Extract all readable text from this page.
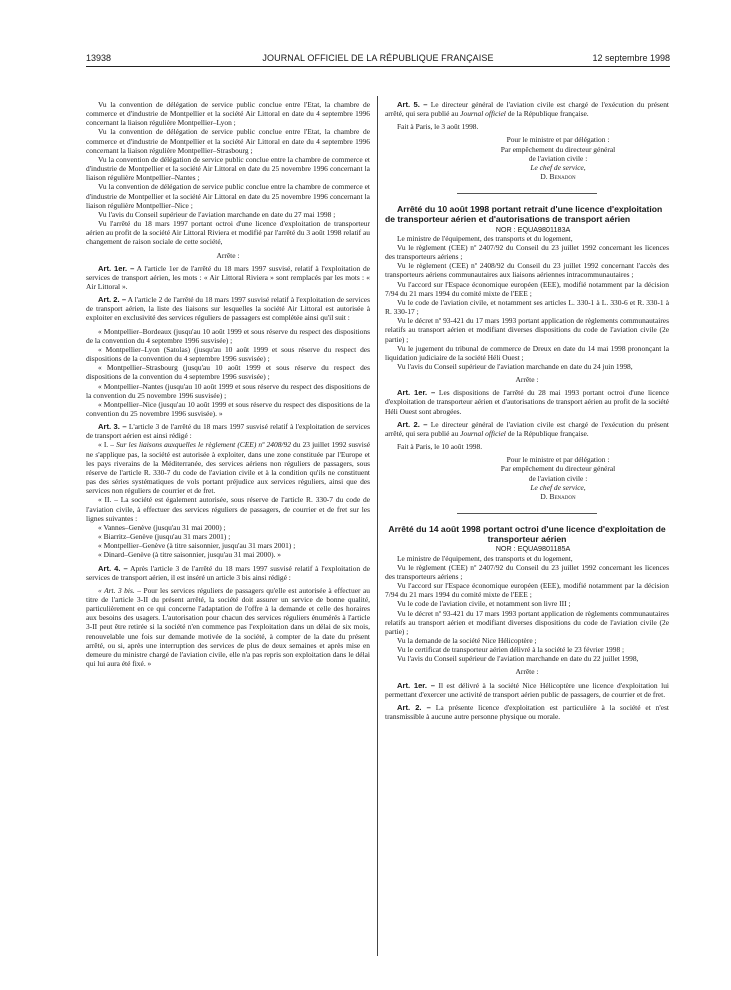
13938	JOURNAL OFFICIEL DE LA RÉPUBLIQUE FRANÇAISE	12 septembre 1998

Vu la convention de délégation de service public conclue entre l'Etat, la chambre de commerce et d'industrie de Montpellier et la société Air Littoral en date du 4 septembre 1996 concernant la liaison régulière Montpellier–Lyon ;

Vu la convention de délégation de service public conclue entre l'Etat, la chambre de commerce et d'industrie de Montpellier et la société Air Littoral en date du 4 septembre 1996 concernant la liaison régulière Montpellier–Strasbourg ;

Vu la convention de délégation de service public conclue entre la chambre de commerce et d'industrie de Montpellier et la société Air Littoral en date du 25 novembre 1996 concernant la liaison régulière Montpellier–Nantes ;

Vu la convention de délégation de service public conclue entre la chambre de commerce et d'industrie de Montpellier et la société Air Littoral en date du 25 novembre 1996 concernant la liaison régulière Montpellier–Nice ;

Vu l'avis du Conseil supérieur de l'aviation marchande en date du 27 mai 1998 ;

Vu l'arrêté du 18 mars 1997 portant octroi d'une licence d'exploitation de transporteur aérien au profit de la société Air Littoral Riviera et modifié par l'arrêté du 3 août 1998 relatif au changement de raison sociale de cette société,

Arrête :

Art. 1er. – A l'article 1er de l'arrêté du 18 mars 1997 susvisé, relatif à l'exploitation de services de transport aérien, les mots : « Air Littoral Riviera » sont remplacés par les mots : « Air Littoral ».

Art. 2. – A l'article 2 de l'arrêté du 18 mars 1997 susvisé relatif à l'exploitation de services de transport aérien, la liste des liaisons sur lesquelles la société Air Littoral est autorisée à exploiter en exclusivité des services réguliers de passagers est complétée ainsi qu'il suit :

« Montpellier–Bordeaux (jusqu'au 10 août 1999 et sous réserve du respect des dispositions de la convention du 4 septembre 1996 susvisée) ;

« Montpellier–Lyon (Satolas) (jusqu'au 10 août 1999 et sous réserve du respect des dispositions de la convention du 4 septembre 1996 susvisée) ;

« Montpellier–Strasbourg (jusqu'au 10 août 1999 et sous réserve du respect des dispositions de la convention du 4 septembre 1996 susvisée) ;

« Montpellier–Nantes (jusqu'au 10 août 1999 et sous réserve du respect des dispositions de la convention du 25 novembre 1996 susvisée) ;

« Montpellier–Nice (jusqu'au 10 août 1999 et sous réserve du respect des dispositions de la convention du 25 novembre 1996 susvisée). »

Art. 3. – L'article 3 de l'arrêté du 18 mars 1997 susvisé relatif à l'exploitation de services de transport aérien est ainsi rédigé :

« I. – Sur les liaisons auxquelles le règlement (CEE) nº 2408/92 du 23 juillet 1992 susvisé ne s'applique pas, la société est autorisée à exploiter, dans une zone constituée par l'Europe et les pays riverains de la Méditerranée, des services aériens non réguliers de passagers, sous réserve de l'article R. 330-7 du code de l'aviation civile et à la condition qu'ils ne constituent pas des séries systématiques de vols portant préjudice aux services réguliers, ainsi que des services non réguliers de courrier et de fret.

« II. – La société est également autorisée, sous réserve de l'article R. 330-7 du code de l'aviation civile, à effectuer des services réguliers de passagers, de courrier et de fret sur les lignes suivantes :

« Vannes–Genève (jusqu'au 31 mai 2000) ;

« Biarritz–Genève (jusqu'au 31 mars 2001) ;

« Montpellier–Genève (à titre saisonnier, jusqu'au 31 mars 2001) ;

« Dinard–Genève (à titre saisonnier, jusqu'au 31 mai 2000). »

Art. 4. – Après l'article 3 de l'arrêté du 18 mars 1997 susvisé relatif à l'exploitation de services de transport aérien, il est inséré un article 3 bis ainsi rédigé :

« Art. 3 bis. – Pour les services réguliers de passagers qu'elle est autorisée à effectuer au titre de l'article 3-II du présent arrêté, la société doit assurer un service de bonne qualité, particulièrement en ce qui concerne l'adaptation de l'offre à la demande et celle des horaires aux besoins des usagers. L'autorisation pour chacun des services réguliers énumérés à l'article 3-II peut être retirée si la société n'en commence pas l'exploitation dans un délai de six mois, renouvelable une fois sur demande motivée de la société, à compter de la date du présent arrêté, ou si, après une interruption des services de plus de deux semaines et après mise en demeure du ministre chargé de l'aviation civile, elle n'a pas repris son exploitation dans le délai qui lui aura été fixé. »

Art. 5. – Le directeur général de l'aviation civile est chargé de l'exécution du présent arrêté, qui sera publié au Journal officiel de la République française.

Fait à Paris, le 3 août 1998.

Pour le ministre et par délégation :

Par empêchement du directeur général

de l'aviation civile :

Le chef de service,

D. Benadon

Arrêté du 10 août 1998 portant retrait d'une licence d'exploitation de transporteur aérien et d'autorisations de transport aérien

NOR : EQUA9801183A

Le ministre de l'équipement, des transports et du logement,

Vu le règlement (CEE) nº 2407/92 du Conseil du 23 juillet 1992 concernant les licences des transporteurs aériens ;

Vu le règlement (CEE) nº 2408/92 du Conseil du 23 juillet 1992 concernant l'accès des transporteurs aériens communautaires aux liaisons aériennes intracommunautaires ;

Vu l'accord sur l'Espace économique européen (EEE), modifié notamment par la décision 7/94 du 21 mars 1994 du comité mixte de l'EEE ;

Vu le code de l'aviation civile, et notamment ses articles L. 330-1 à L. 330-6 et R. 330-1 à R. 330-17 ;

Vu le décret nº 93-421 du 17 mars 1993 portant application de règlements communautaires relatifs au transport aérien et modifiant diverses dispositions du code de l'aviation civile (2e partie) ;

Vu le jugement du tribunal de commerce de Dreux en date du 14 mai 1998 prononçant la liquidation judiciaire de la société Héli Ouest ;

Vu l'avis du Conseil supérieur de l'aviation marchande en date du 24 juin 1998,

Arrête :

Art. 1er. – Les dispositions de l'arrêté du 28 mai 1993 portant octroi d'une licence d'exploitation de transporteur aérien et d'autorisations de transport aérien au profit de la société Héli Ouest sont abrogées.

Art. 2. – Le directeur général de l'aviation civile est chargé de l'exécution du présent arrêté, qui sera publié au Journal officiel de la République française.

Fait à Paris, le 10 août 1998.

Pour le ministre et par délégation :

Par empêchement du directeur général

de l'aviation civile :

Le chef de service,

D. Benadon

Arrêté du 14 août 1998 portant octroi d'une licence d'exploitation de transporteur aérien

NOR : EQUA9801185A

Le ministre de l'équipement, des transports et du logement,

Vu le règlement (CEE) nº 2407/92 du Conseil du 23 juillet 1992 concernant les licences des transporteurs aériens ;

Vu l'accord sur l'Espace économique européen (EEE), modifié notamment par la décision 7/94 du 21 mars 1994 du comité mixte de l'EEE ;

Vu le code de l'aviation civile, et notamment son livre III ;

Vu le décret nº 93-421 du 17 mars 1993 portant application de règlements communautaires relatifs au transport aérien et modifiant diverses dispositions du code de l'aviation civile (2e partie) ;

Vu la demande de la société Nice Hélicoptère ;

Vu le certificat de transporteur aérien délivré à la société le 23 février 1998 ;

Vu l'avis du Conseil supérieur de l'aviation marchande en date du 22 juillet 1998,

Arrête :

Art. 1er. – Il est délivré à la société Nice Hélicoptère une licence d'exploitation lui permettant d'exercer une activité de transport aérien public de passagers, de courrier et de fret.

Art. 2. – La présente licence d'exploitation est particulière à la société et n'est transmissible à aucune autre personne physique ou morale.
